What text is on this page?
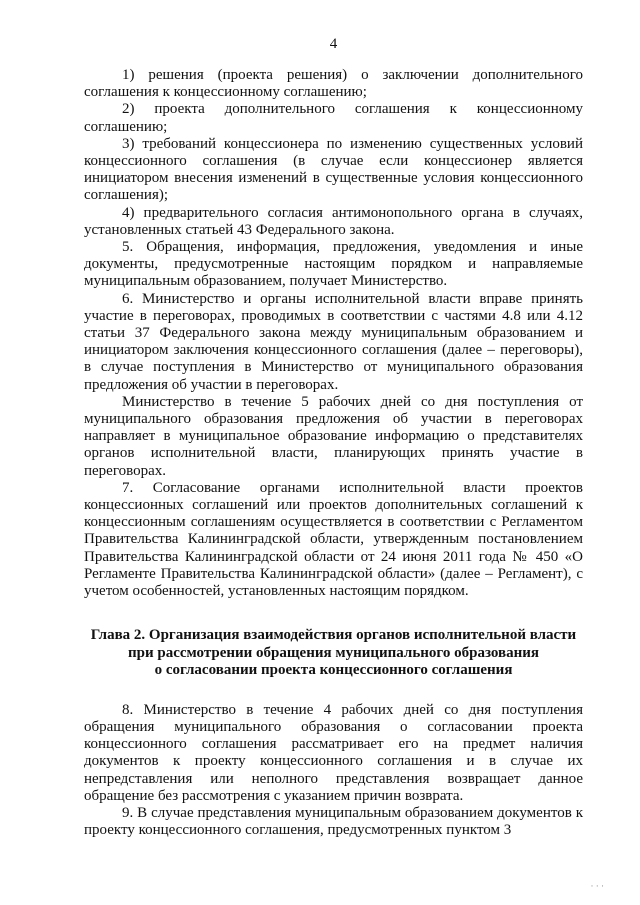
4

1) решения (проекта решения) о заключении дополнительного соглашения к концессионному соглашению;

2) проекта дополнительного соглашения к концессионному соглашению;

3) требований концессионера по изменению существенных условий концессионного соглашения (в случае если концессионер является инициатором внесения изменений в существенные условия концессионного соглашения);

4) предварительного согласия антимонопольного органа в случаях, установленных статьей 43 Федерального закона.

5. Обращения, информация, предложения, уведомления и иные документы, предусмотренные настоящим порядком и направляемые муниципальным образованием, получает Министерство.

6. Министерство и органы исполнительной власти вправе принять участие в переговорах, проводимых в соответствии с частями 4.8 или 4.12 статьи 37 Федерального закона между муниципальным образованием и инициатором заключения концессионного соглашения (далее – переговоры), в случае поступления в Министерство от муниципального образования предложения об участии в переговорах.

Министерство в течение 5 рабочих дней со дня поступления от муниципального образования предложения об участии в переговорах направляет в муниципальное образование информацию о представителях органов исполнительной власти, планирующих принять участие в переговорах.

7. Согласование органами исполнительной власти проектов концессионных соглашений или проектов дополнительных соглашений к концессионным соглашениям осуществляется в соответствии с Регламентом Правительства Калининградской области, утвержденным постановлением Правительства Калининградской области от 24 июня 2011 года № 450 «О Регламенте Правительства Калининградской области» (далее – Регламент), с учетом особенностей, установленных настоящим порядком.

Глава 2. Организация взаимодействия органов исполнительной власти
при рассмотрении обращения муниципального образования
о согласовании проекта концессионного соглашения

8. Министерство в течение 4 рабочих дней со дня поступления обращения муниципального образования о согласовании проекта концессионного соглашения рассматривает его на предмет наличия документов к проекту концессионного соглашения и в случае их непредставления или неполного представления возвращает данное обращение без рассмотрения с указанием причин возврата.

9. В случае представления муниципальным образованием документов к проекту концессионного соглашения, предусмотренных пунктом 3

· · ·
